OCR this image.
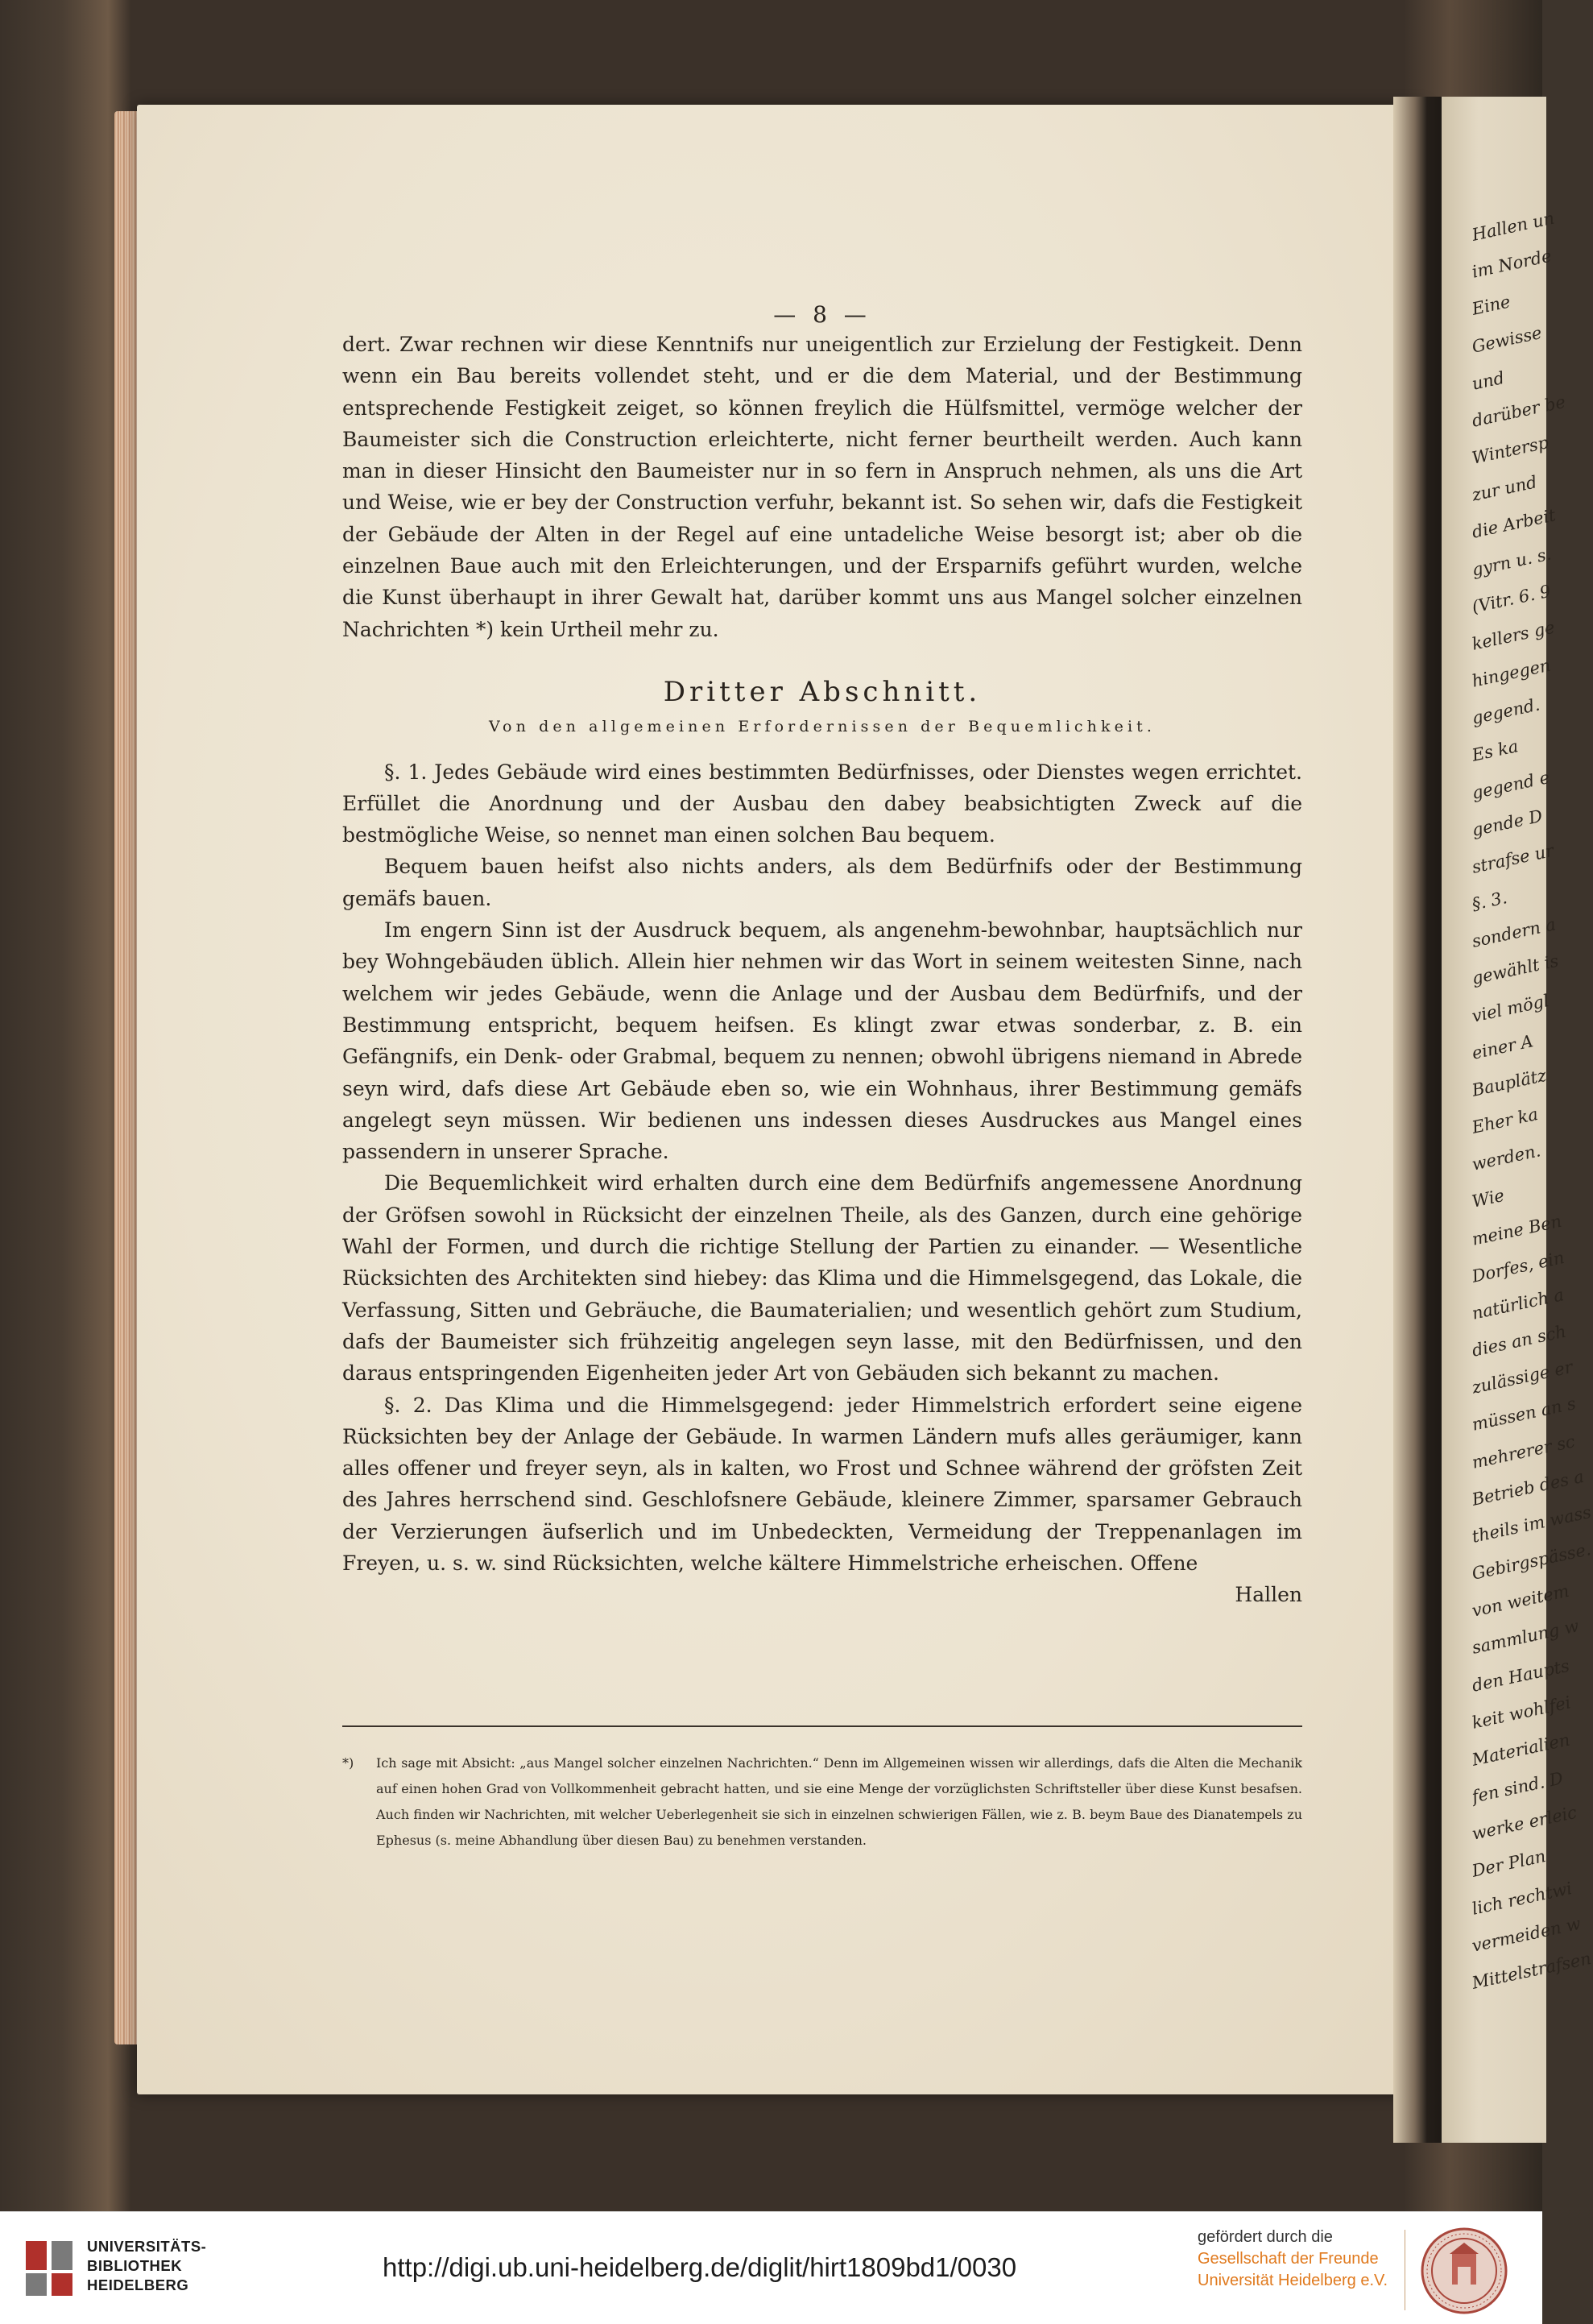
Hallen un
im Norde
Eine
Gewisse
und
darüber be
Wintersp
zur und
die Arbeit
gyrn u. s.
(Vitr. 6. 9
kellers ge
hingegen
gegend.
Es ka
gegend e
gende D
strafse ur
§. 3.
sondern a
gewählt is
viel mögl
einer A
Bauplätz
Eher ka
werden.
Wie
meine Ben
Dorfes, ein
natürlich a
dies an sch
zulässige er
müssen an s
mehrerer sc
Betrieb des a
theils im wass
Gebirgspässe.
von weitem
sammlung w
den Haupts
keit wohlfei
Materialien
fen sind. D
werke erleic
Der Plan
lich rechtwi
vermeiden w
Mittelstrafsen
— 8 —

dert. Zwar rechnen wir diese Kenntnifs nur uneigentlich zur Erzielung der Festigkeit. Denn wenn ein Bau bereits vollendet steht, und er die dem Material, und der Bestimmung entsprechende Festigkeit zeiget, so können freylich die Hülfsmittel, vermöge welcher der Baumeister sich die Construction erleichterte, nicht ferner beurtheilt werden. Auch kann man in dieser Hinsicht den Baumeister nur in so fern in Anspruch nehmen, als uns die Art und Weise, wie er bey der Construction verfuhr, bekannt ist. So sehen wir, dafs die Festigkeit der Gebäude der Alten in der Regel auf eine untadeliche Weise besorgt ist; aber ob die einzelnen Baue auch mit den Erleichterungen, und der Ersparnifs geführt wurden, welche die Kunst überhaupt in ihrer Gewalt hat, darüber kommt uns aus Mangel solcher einzelnen Nachrichten *) kein Urtheil mehr zu.

Dritter Abschnitt.
Von den allgemeinen Erfordernissen der Bequemlichkeit.

§. 1. Jedes Gebäude wird eines bestimmten Bedürfnisses, oder Dienstes wegen errichtet. Erfüllet die Anordnung und der Ausbau den dabey beabsichtigten Zweck auf die bestmögliche Weise, so nennet man einen solchen Bau bequem.

Bequem bauen heifst also nichts anders, als dem Bedürfnifs oder der Bestimmung gemäfs bauen.

Im engern Sinn ist der Ausdruck bequem, als angenehm-bewohnbar, hauptsächlich nur bey Wohngebäuden üblich. Allein hier nehmen wir das Wort in seinem weitesten Sinne, nach welchem wir jedes Gebäude, wenn die Anlage und der Ausbau dem Bedürfnifs, und der Bestimmung entspricht, bequem heifsen. Es klingt zwar etwas sonderbar, z. B. ein Gefängnifs, ein Denk- oder Grabmal, bequem zu nennen; obwohl übrigens niemand in Abrede seyn wird, dafs diese Art Gebäude eben so, wie ein Wohnhaus, ihrer Bestimmung gemäfs angelegt seyn müssen. Wir bedienen uns indessen dieses Ausdruckes aus Mangel eines passendern in unserer Sprache.

Die Bequemlichkeit wird erhalten durch eine dem Bedürfnifs angemessene Anordnung der Gröfsen sowohl in Rücksicht der einzelnen Theile, als des Ganzen, durch eine gehörige Wahl der Formen, und durch die richtige Stellung der Partien zu einander. — Wesentliche Rücksichten des Architekten sind hiebey: das Klima und die Himmelsgegend, das Lokale, die Verfassung, Sitten und Gebräuche, die Baumaterialien; und wesentlich gehört zum Studium, dafs der Baumeister sich frühzeitig angelegen seyn lasse, mit den Bedürfnissen, und den daraus entspringenden Eigenheiten jeder Art von Gebäuden sich bekannt zu machen.

§. 2. Das Klima und die Himmelsgegend: jeder Himmelstrich erfordert seine eigene Rücksichten bey der Anlage der Gebäude. In warmen Ländern mufs alles geräumiger, kann alles offener und freyer seyn, als in kalten, wo Frost und Schnee während der gröfsten Zeit des Jahres herrschend sind. Geschlofsnere Gebäude, kleinere Zimmer, sparsamer Gebrauch der Verzierungen äufserlich und im Unbedeckten, Vermeidung der Treppenanlagen im Freyen, u. s. w. sind Rücksichten, welche kältere Himmelstriche erheischen. Offene

Hallen

*) Ich sage mit Absicht: „aus Mangel solcher einzelnen Nachrichten.“ Denn im Allgemeinen wissen wir allerdings, dafs die Alten die Mechanik auf einen hohen Grad von Vollkommenheit gebracht hatten, und sie eine Menge der vorzüglichsten Schriftsteller über diese Kunst besafsen. Auch finden wir Nachrichten, mit welcher Ueberlegenheit sie sich in einzelnen schwierigen Fällen, wie z. B. beym Baue des Dianatempels zu Ephesus (s. meine Abhandlung über diesen Bau) zu benehmen verstanden.
UNIVERSITÄTS-
BIBLIOTHEK
HEIDELBERG
http://digi.ub.uni-heidelberg.de/diglit/hirt1809bd1/0030
gefördert durch die
Gesellschaft der Freunde
Universität Heidelberg e.V.
